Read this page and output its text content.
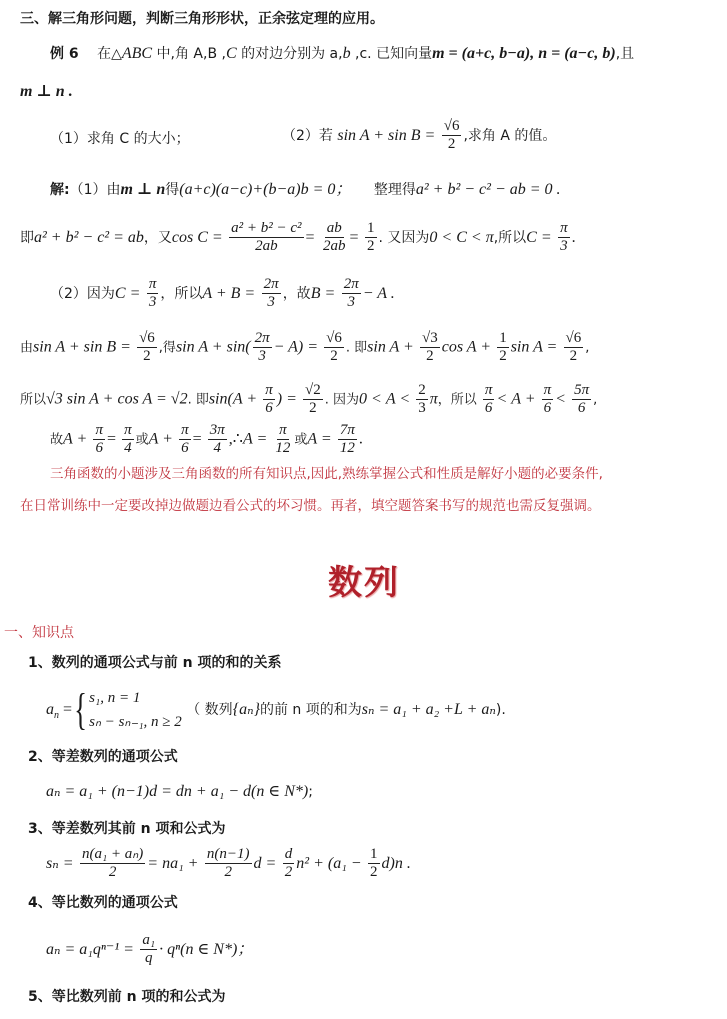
三、解三角形问题，判断三角形形状，正余弦定理的应用。
例 6 在△ABC 中,角 A,B ,C 的对边分别为 a,b ,c. 已知向量m = (a+c, b−a), n = (a−c, b),且
m ⊥ n .
（1）求角 C 的大小；	（2）若 $\sin A + \sin B = \frac{√6}{2}$ ,求角 A 的值。
解:（1）由m ⊥ n得(a+c)(a−c)+(b−a)b = 0； 整理得a² + b² − c² − ab = 0 .
即a² + b² − c² = ab，又$\cos C = \frac{\text{a² + b² − c²}}{2ab} = \frac{ab}{2ab} = \frac{1}{2}$ . 又因为0 < C < π,所以$C = \frac{\pi}{3}$ .
（2）因为$C = \frac{\pi}{3}$ ，所以$A + B = \frac{2\pi}{3}$ ，故$B = \frac{2\pi}{3} - A$ .
由$\sin A + \sin B = \frac{√6}{2}$ ,得$\sin A + \sin( \frac{2\pi}{3} - A) = \frac{√6}{2}$ . 即$\sin A + \frac{√3}{2}$ $\cos A + \frac{1}{2}$ $\sin A = \frac{√6}{2}$ ,
所以√3 sin A + cos A = √2. 即$\sin(A + \frac{\pi}{6}$ ) = $\frac{√2}{2}$ . 因为$0 < A < \frac{2}{3}$ π，所以 $\frac{\pi}{6} < A + \frac{\pi}{6} < \frac{5\pi}{6}$ ,
故$A + \frac{\pi}{6} = \frac{\pi}{4}$ 或$A + \frac{\pi}{6} = \frac{3\pi}{4}$ ,∴A = $\frac{\pi}{12}$ 或$A = \frac{7\pi}{12}$ .
三角函数的小题涉及三角函数的所有知识点,因此,熟练掌握公式和性质是解好小题的必要条件,
在日常训练中一定要改掉边做题边看公式的坏习惯。再者，填空题答案书写的规范也需反复强调。
数列
一、知识点
1、数列的通项公式与前 n 项的和的关系
$a_n$ ={ s₁, n = 1
sₙ − sₙ₋₁, n ≥ 2
（ 数列{aₙ}的前 n 项的和为sₙ = a₁ + a₂ +L + aₙ).
2、等差数列的通项公式
aₙ = a₁ + (n−1)d = dn + a₁ − d(n ∈ N*);
3、等差数列其前 n 项和公式为
$s_n = \frac{\text{n(a₁ + aₙ)}}{2} = na_1 + \frac{n(n-1)}{2}$ $d = \frac{d}{2} n^2 + (a_1 - \frac{1}{2} d)n$ .
4、等比数列的通项公式
$a_n = a_1q^{n-1} = \frac{\text{a₁}}{q} \cdot q^n(n$ ∈ N*)；
5、等比数列前 n 项的和公式为
